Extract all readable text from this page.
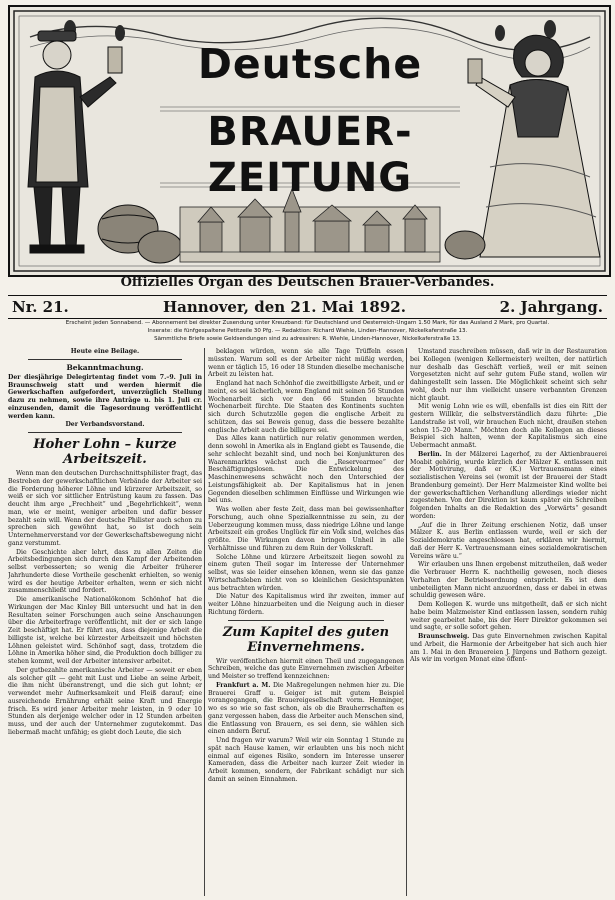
Deutsche
BRAUER-ZEITUNG
Offizielles Organ des Deutschen Brauer-Verbandes.
Nr. 21.	Hannover, den 21. Mai 1892.	2. Jahrgang.
Erscheint jeden Sonnabend. — Abonnement bei direkter Zusendung unter Kreuzband: für Deutschland und Oesterreich-Ungarn 1.50 Mark, für das Ausland 2 Mark, pro Quartal.
Inserate: die fünfgespaltene Petitzeile 30 Pfg. — Redaktion: Richard Wiehle, Linden-Hannover, Nickelkaferstraße 13.
Sämmtliche Briefe sowie Geldsendungen sind zu adressiren: R. Wiehle, Linden-Hannover, Nickelkaferstraße 13.

Heute eine Beilage.

Bekanntmachung.

Der diesjährige Delegirtentag findet vom 7.–9. Juli in Braunschweig statt und werden hiermit die Gewerkschaften aufgefordert, unverzüglich Stellung dazu zu nehmen, sowie ihre Anträge u. bis 1. Juli cr. einzusenden, damit die Tagesordnung veröffentlicht werden kann.

Der Verbandsvorstand.

Hoher Lohn – kurze Arbeitszeit.

Wenn man den deutschen Durchschnittsphilister fragt, das Bestreben der gewerkschaftlichen Verbände der Arbeiter sei die Forderung höherer Löhne und kürzerer Arbeitszeit, so weiß er sich vor sittlicher Entrüstung kaum zu fassen. Das deucht ihm arge „Frechheit“ und „Begehrlichkeit“, wenn man, wie er meint, weniger arbeiten und dafür besser bezahlt sein will. Wenn der deutsche Philister auch schon zu sprechen sich gewöhnt hat, so ist doch sein Unternehmerverstand vor der Gewerkschaftsbewegung nicht ganz verstummt.

Die Geschichte aber lehrt, dass zu allen Zeiten die Arbeitsbedingungen sich durch den Kampf der Arbeitenden selbst verbesserten; so wenig die Arbeiter früherer Jahrhunderte diese Vortheile geschenkt erhielten, so wenig wird es der heutige Arbeiter erhalten, wenn er sich nicht zusammenschließt und fordert.

Die amerikanische Nationalökonom Schönhof hat die Wirkungen der Mac Kinley Bill untersucht und hat in den Resultaten seiner Forschungen auch seine Anschauungen über die Arbeiterfrage veröffentlicht, mit der er sich lange Zeit beschäftigt hat. Er führt aus, dass diejenige Arbeit die billigste ist, welche bei kürzester Arbeitszeit und höchsten Löhnen geleistet wird. Schönhof sagt, dass, trotzdem die Löhne in Amerika höher sind, die Produktion doch billiger zu stehen kommt, weil der Arbeiter intensiver arbeitet.

Der gutbezahlte amerikanische Arbeiter — soweit er eben als solcher gilt — geht mit Lust und Liebe an seine Arbeit, die ihm nicht überanstrengt, und die sich gut lohnt; er verwendet mehr Aufmerksamkeit und Fleiß darauf; eine ausreichende Ernährung erhält seine Kraft und Energie frisch. Es wird jener Arbeiter mehr leisten, in 9 oder 10 Stunden als derjenige welcher oder in 12 Stunden arbeiten muss, und der auch der Unternehmer zugutekommt. Das liebermaß macht unfähig; es giebt doch Leute, die sich

beklagen würden, wenn sie alle Tage Trüffeln essen müssten. Warum soll es der Arbeiter nicht müßig werden, wenn er täglich 15, 16 oder 18 Stunden dieselbe mechanische Arbeit zu leisten hat.

England hat nach Schönhof die zweitbilligste Arbeit, und er meint, es sei lächerlich, wenn England mit seinen 56 Stunden Wochenarbeit sich vor den 66 Stunden brauchte Wochenarbeit fürchte. Die Staaten des Kontinents suchten sich durch Schutzzölle gegen die englische Arbeit zu schützen, das sei Beweis genug, dass die bessere bezahlte englische Arbeit auch die billigere sei.

Das Alles kann natürlich nur relativ genommen werden, denn sowohl in Amerika als in England giebt es Tausende, die sehr schlecht bezahlt sind, und noch bei Konjunkturen des Waarenmarktes wächst auch die „Reservearmee“ der Beschäftigungslosen. Die Entwickelung des Maschinenwesens schwächt noch den Unterschied der Leistungsfähigkeit ab. Der Kapitalismus hat in jenen Gegenden dieselben schlimmen Einflüsse und Wirkungen wie bei uns.

Was wollen aber feste Zeit, dass man bei gewissenhafter Forschung, auch ohne Spezialkenntnisse zu sein, zu der Ueberzeugung kommen muss, dass niedrige Löhne und lange Arbeitszeit ein großes Unglück für ein Volk sind, welches das größte. Die Wirkungen davon bringen Unheil in alle Verhältnisse und führen zu dem Ruin der Volkskraft.

Solche Löhne und kürzere Arbeitszeit liegen sowohl zu einem guten Theil sogar im Interesse der Unternehmer selbst, was sie leider einsehen können, wenn sie das ganze Wirtschaftsleben nicht von so kleinlichen Gesichtspunkten aus betrachten würden.

Die Natur des Kapitalismus wird ihr zweiten, immer auf weiter Löhne hinzuarbeiten und die Neigung auch in dieser Richtung fördern.

Zum Kapitel des guten Einvernehmens.

Wir veröffentlichen hiermit einen Theil und zugegangenen Schreiben, welche das gute Einvernehmen zwischen Arbeiter und Meister so treffend kennzeichnen:

Frankfurt a. M. Die Maßregelungen nehmen hier zu. Die Brauerei Graff u. Geiger ist mit gutem Beispiel vorangegangen, die Brauereigesellschaft vorm. Henninger, wo es so wie so fast schon, als ob die Brauherrschaften es ganz vergessen haben, dass die Arbeiter auch Menschen sind, die Entlassung von Brauern, es sei denn, sie wählen sich einen andern Beruf.

Und fragen wir warum? Weil wir ein Sonntag 1 Stunde zu spät nach Hause kamen, wir erlaubten uns bis noch nicht einmal auf eigenes Risiko, sondern im Interesse unserer Kameraden, dass die Arbeiter nach kurzer Zeit wieder in Arbeit kommen, sondern, der Fabrikant schädigt nur sich damit an seinen Einnahmen.

Umstand zuschreiben müssen, daß wir in der Restauration bei Kollegen (wenigen Kellermeister) weilten, der natürlich nur deshalb das Geschäft verließ, weil er mit seinen Vorgesetzten nicht auf sehr gutem Fuße stand, wollen wir dahingestellt sein lassen. Die Möglichkeit scheint sich sehr wohl, doch nur ihm vielleicht unsere verbannten Grenzen nicht glaubt.

Mit wenig Lohn wie es will, ebenfalls ist dies ein Ritt der gestern Willkür, die selbstverständlich dazu führte: „Die Landstraße ist voll, wir brauchen Euch nicht, draußen stehen schon 15–20 Mann.“ Möchten doch alle Kollegen an dieses Beispiel sich halten, wenn der Kapitalismus sich eine Uebermacht anmaßt.

Berlin. In der Mälzerei Lagerhof, zu der Aktienbrauerei Moabit gehörig, wurde kürzlich der Mälzer K. entlassen mit der Motivirung, daß er (K.) Vertrauensmann eines sozialistischen Vereins sei (womit ist der Brauerei der Stadt Brandenburg gemeint). Der Herr Malzmeister Kind wollte bei der gewerkschaftlichen Verhandlung allerdings wieder nicht zugestehen. Von der Direktion ist kaum später ein Schreiben folgenden Inhalts an die Redaktion des „Vorwärts“ gesandt worden:

„Auf die in Ihrer Zeitung erschienen Notiz, daß unser Mälzer K. aus Berlin entlassen wurde, weil er sich der Sozialdemokratie angeschlossen hat, erklären wir hiermit, daß der Herr K. Vertrauensmann eines sozialdemokratischen Vereins wäre u.“

Wir erlauben uns Ihnen ergebenst mitzutheilen, daß weder die Verbrauer Herrn K. nachtheilig gewesen, noch dieses Verhalten der Betriebsordnung entspricht. Es ist dem unbeteiligten Mann nicht anzuordnen, dass er dabei in etwas schuldig gewesen wäre.

Dem Kollegen K. wurde uns mitgetheilt, daß er sich nicht habe beim Malzmeister Kind entlassen lassen, sondern ruhig weiter gearbeitet habe, bis der Herr Direktor gekommen sei und sagte, er solle sofort gehen.

Braunschweig. Das gute Einvernehmen zwischen Kapital und Arbeit, die Harmonie der Arbeitgeber hat sich auch hier am 1. Mai in den Brauereien J. Jürgens und Bathorn gezeigt. Als wir im vorigen Monat eine öffent-
